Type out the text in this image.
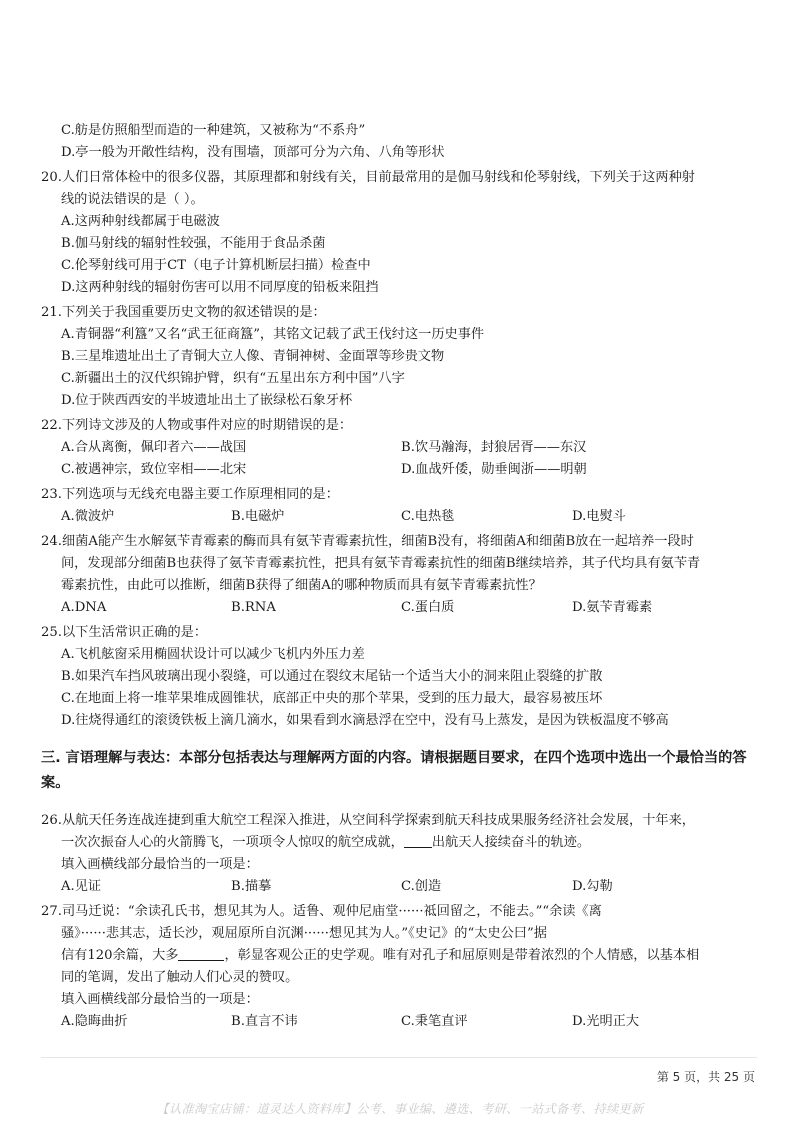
C.舫是仿照船型而造的一种建筑，又被称为“不系舟”
D.亭一般为开敞性结构，没有围墙，顶部可分为六角、八角等形状
20.人们日常体检中的很多仪器，其原理都和射线有关，目前最常用的是伽马射线和伦琴射线，下列关于这两种射
线的说法错误的是（ ）。
A.这两种射线都属于电磁波
B.伽马射线的辐射性较强，不能用于食品杀菌
C.伦琴射线可用于CT（电子计算机断层扫描）检查中
D.这两种射线的辐射伤害可以用不同厚度的铅板来阻挡
21.下列关于我国重要历史文物的叙述错误的是：
A.青铜器“利簋”又名“武王征商簋”，其铭文记载了武王伐纣这一历史事件
B.三星堆遗址出土了青铜大立人像、青铜神树、金面罩等珍贵文物
C.新疆出土的汉代织锦护臂，织有“五星出东方利中国”八字
D.位于陕西西安的半坡遗址出土了嵌绿松石象牙杯
22.下列诗文涉及的人物或事件对应的时期错误的是：
A.合从离衡，佩印者六——战国	B.饮马瀚海，封狼居胥——东汉
C.被遇神宗，致位宰相——北宋	D.血战歼倭，勋垂闽浙——明朝
23.下列选项与无线充电器主要工作原理相同的是：
A.微波炉	B.电磁炉	C.电热毯	D.电熨斗
24.细菌A能产生水解氨苄青霉素的酶而具有氨苄青霉素抗性，细菌B没有，将细菌A和细菌B放在一起培养一段时
间，发现部分细菌B也获得了氨苄青霉素抗性，把具有氨苄青霉素抗性的细菌B继续培养，其子代均具有氨苄青
霉素抗性，由此可以推断，细菌B获得了细菌A的哪种物质而具有氨苄青霉素抗性？
A.DNA	B.RNA	C.蛋白质	D.氨苄青霉素
25.以下生活常识正确的是：
A.飞机舷窗采用椭圆状设计可以减少飞机内外压力差
B.如果汽车挡风玻璃出现小裂缝，可以通过在裂纹末尾钻一个适当大小的洞来阻止裂缝的扩散
C.在地面上将一堆苹果堆成圆锥状，底部正中央的那个苹果，受到的压力最大，最容易被压坏
D.往烧得通红的滚烫铁板上滴几滴水，如果看到水滴悬浮在空中，没有马上蒸发，是因为铁板温度不够高
三. 言语理解与表达：本部分包括表达与理解两方面的内容。请根据题目要求，在四个选项中选出一个最恰当的答案。
26.从航天任务连战连捷到重大航空工程深入推进，从空间科学探索到航天科技成果服务经济社会发展，十年来，
一次次振奋人心的火箭腾飞，一项项令人惊叹的航空成就， 出航天人接续奋斗的轨迹。
填入画横线部分最恰当的一项是：
A.见证	B.描摹	C.创造	D.勾勒
27.司马迁说：“余读孔氏书，想见其为人。适鲁、观仲尼庙堂······祗回留之，不能去。”“余读《离
骚》······悲其志，适长沙，观屈原所自沉渊······想见其为人。”《史记》的“太史公曰”据
信有120余篇，大多	，彰显客观公正的史学观。唯有对孔子和屈原则是带着浓烈的个人情感，以基本相
同的笔调，发出了触动人们心灵的赞叹。
填入画横线部分最恰当的一项是：
A.隐晦曲折	B.直言不讳	C.秉笔直评	D.光明正大
第 5 页，共 25 页
【认准淘宝店铺：道灵达人资料库】公考、事业编、遴选、考研、一站式备考、持续更新
